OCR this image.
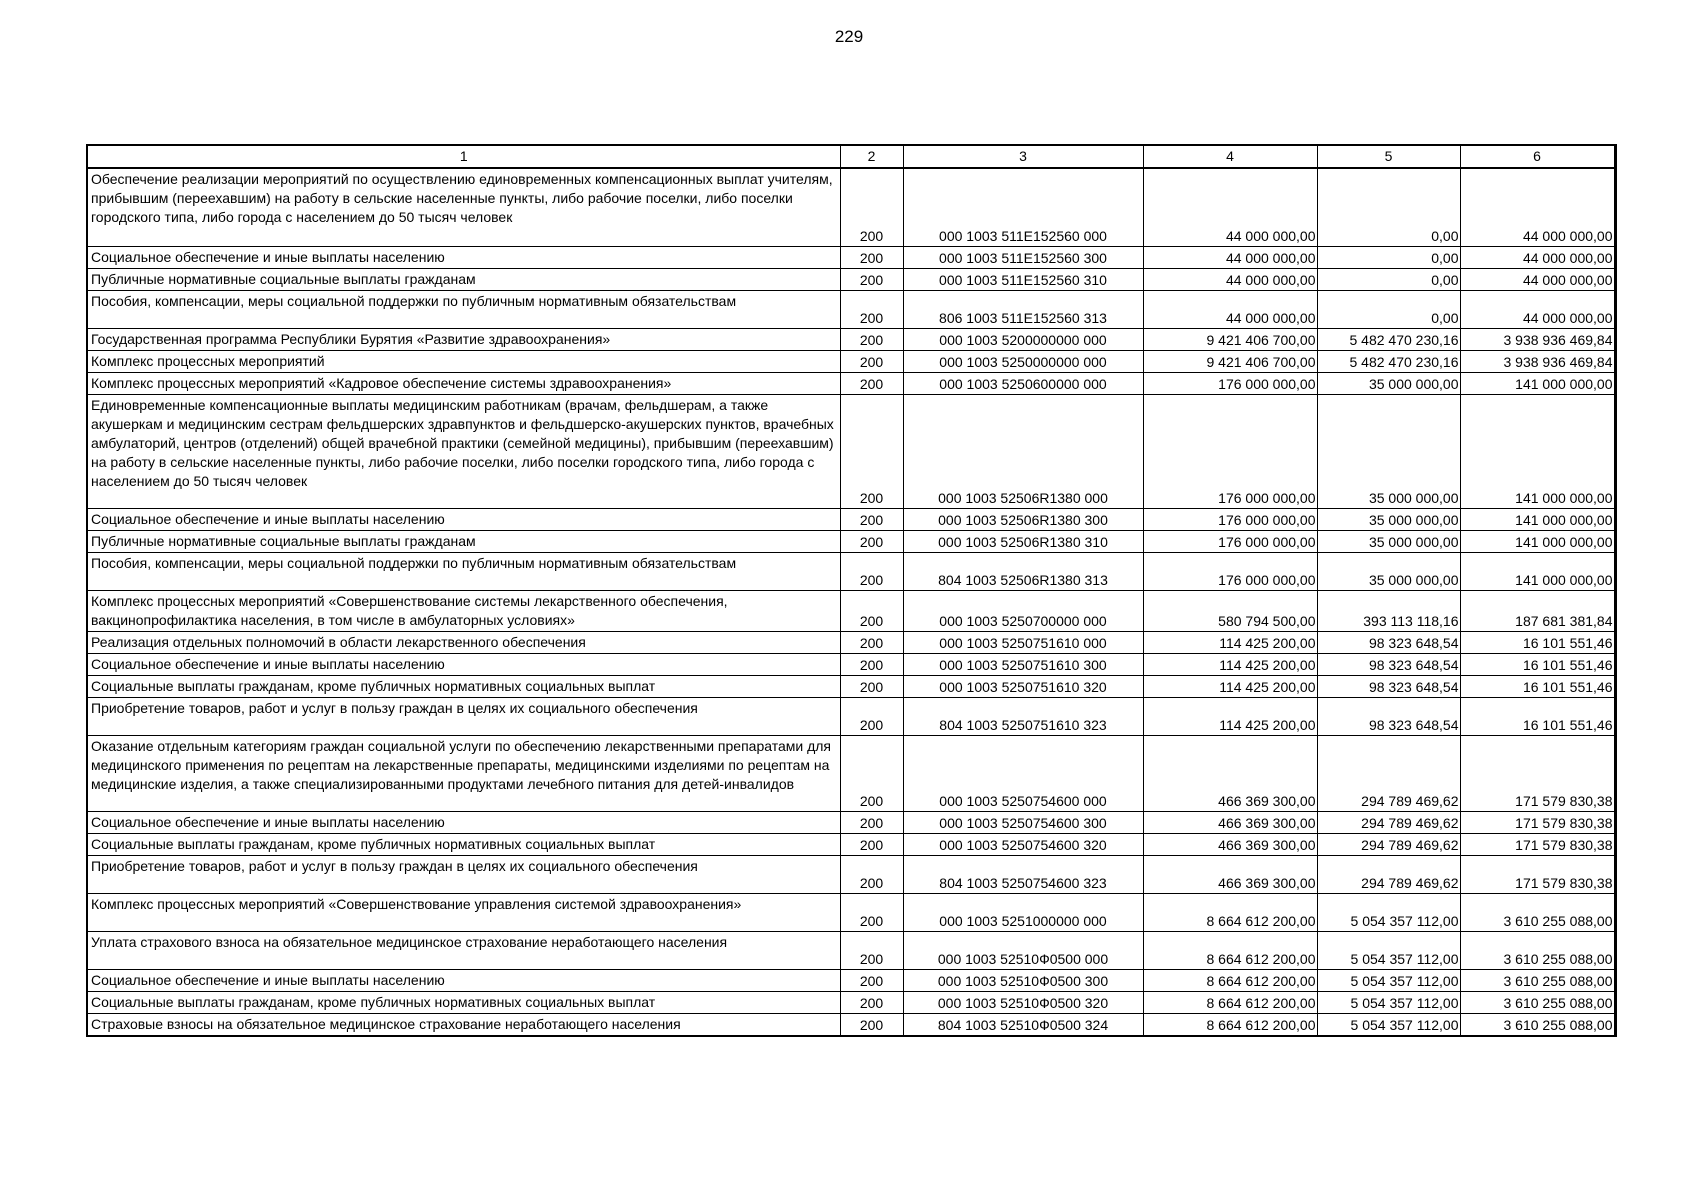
229
1	2	3	4	5	6
Обеспечение реализации мероприятий по осуществлению единовременных компенсационных выплат учителям, прибывшим (переехавшим) на работу в сельские населенные пункты, либо рабочие поселки, либо поселки городского типа, либо города с населением до 50 тысяч человек	200	000 1003 511E152560 000	44 000 000,00	0,00	44 000 000,00
Социальное обеспечение и иные выплаты населению	200	000 1003 511E152560 300	44 000 000,00	0,00	44 000 000,00
Публичные нормативные социальные выплаты гражданам	200	000 1003 511E152560 310	44 000 000,00	0,00	44 000 000,00
Пособия, компенсации, меры социальной поддержки по публичным нормативным обязательствам	200	806 1003 511E152560 313	44 000 000,00	0,00	44 000 000,00
Государственная программа Республики Бурятия «Развитие здравоохранения»	200	000 1003 5200000000 000	9 421 406 700,00	5 482 470 230,16	3 938 936 469,84
Комплекс процессных мероприятий	200	000 1003 5250000000 000	9 421 406 700,00	5 482 470 230,16	3 938 936 469,84
Комплекс процессных мероприятий «Кадровое обеспечение системы здравоохранения»	200	000 1003 5250600000 000	176 000 000,00	35 000 000,00	141 000 000,00
Единовременные компенсационные выплаты медицинским работникам (врачам, фельдшерам, а также акушеркам и медицинским сестрам фельдшерских здравпунктов и фельдшерско-акушерских пунктов, врачебных амбулаторий, центров (отделений) общей врачебной практики (семейной медицины), прибывшим (переехавшим) на работу в сельские населенные пункты, либо рабочие поселки, либо поселки городского типа, либо города с населением до 50 тысяч человек	200	000 1003 52506R1380 000	176 000 000,00	35 000 000,00	141 000 000,00
Социальное обеспечение и иные выплаты населению	200	000 1003 52506R1380 300	176 000 000,00	35 000 000,00	141 000 000,00
Публичные нормативные социальные выплаты гражданам	200	000 1003 52506R1380 310	176 000 000,00	35 000 000,00	141 000 000,00
Пособия, компенсации, меры социальной поддержки по публичным нормативным обязательствам	200	804 1003 52506R1380 313	176 000 000,00	35 000 000,00	141 000 000,00
Комплекс процессных мероприятий «Совершенствование системы лекарственного обеспечения, вакцинопрофилактика населения, в том числе в амбулаторных условиях»	200	000 1003 5250700000 000	580 794 500,00	393 113 118,16	187 681 381,84
Реализация отдельных полномочий в области лекарственного обеспечения	200	000 1003 5250751610 000	114 425 200,00	98 323 648,54	16 101 551,46
Социальное обеспечение и иные выплаты населению	200	000 1003 5250751610 300	114 425 200,00	98 323 648,54	16 101 551,46
Социальные выплаты гражданам, кроме публичных нормативных социальных выплат	200	000 1003 5250751610 320	114 425 200,00	98 323 648,54	16 101 551,46
Приобретение товаров, работ и услуг в пользу граждан в целях их социального обеспечения	200	804 1003 5250751610 323	114 425 200,00	98 323 648,54	16 101 551,46
Оказание отдельным категориям граждан социальной услуги по обеспечению лекарственными препаратами для медицинского применения по рецептам на лекарственные препараты, медицинскими изделиями по рецептам на медицинские изделия, а также специализированными продуктами лечебного питания для детей-инвалидов	200	000 1003 5250754600 000	466 369 300,00	294 789 469,62	171 579 830,38
Социальное обеспечение и иные выплаты населению	200	000 1003 5250754600 300	466 369 300,00	294 789 469,62	171 579 830,38
Социальные выплаты гражданам, кроме публичных нормативных социальных выплат	200	000 1003 5250754600 320	466 369 300,00	294 789 469,62	171 579 830,38
Приобретение товаров, работ и услуг в пользу граждан в целях их социального обеспечения	200	804 1003 5250754600 323	466 369 300,00	294 789 469,62	171 579 830,38
Комплекс процессных мероприятий «Совершенствование управления системой здравоохранения»	200	000 1003 5251000000 000	8 664 612 200,00	5 054 357 112,00	3 610 255 088,00
Уплата страхового взноса на обязательное медицинское страхование неработающего населения	200	000 1003 52510Ф0500 000	8 664 612 200,00	5 054 357 112,00	3 610 255 088,00
Социальное обеспечение и иные выплаты населению	200	000 1003 52510Ф0500 300	8 664 612 200,00	5 054 357 112,00	3 610 255 088,00
Социальные выплаты гражданам, кроме публичных нормативных социальных выплат	200	000 1003 52510Ф0500 320	8 664 612 200,00	5 054 357 112,00	3 610 255 088,00
Страховые взносы на обязательное медицинское страхование неработающего населения	200	804 1003 52510Ф0500 324	8 664 612 200,00	5 054 357 112,00	3 610 255 088,00
